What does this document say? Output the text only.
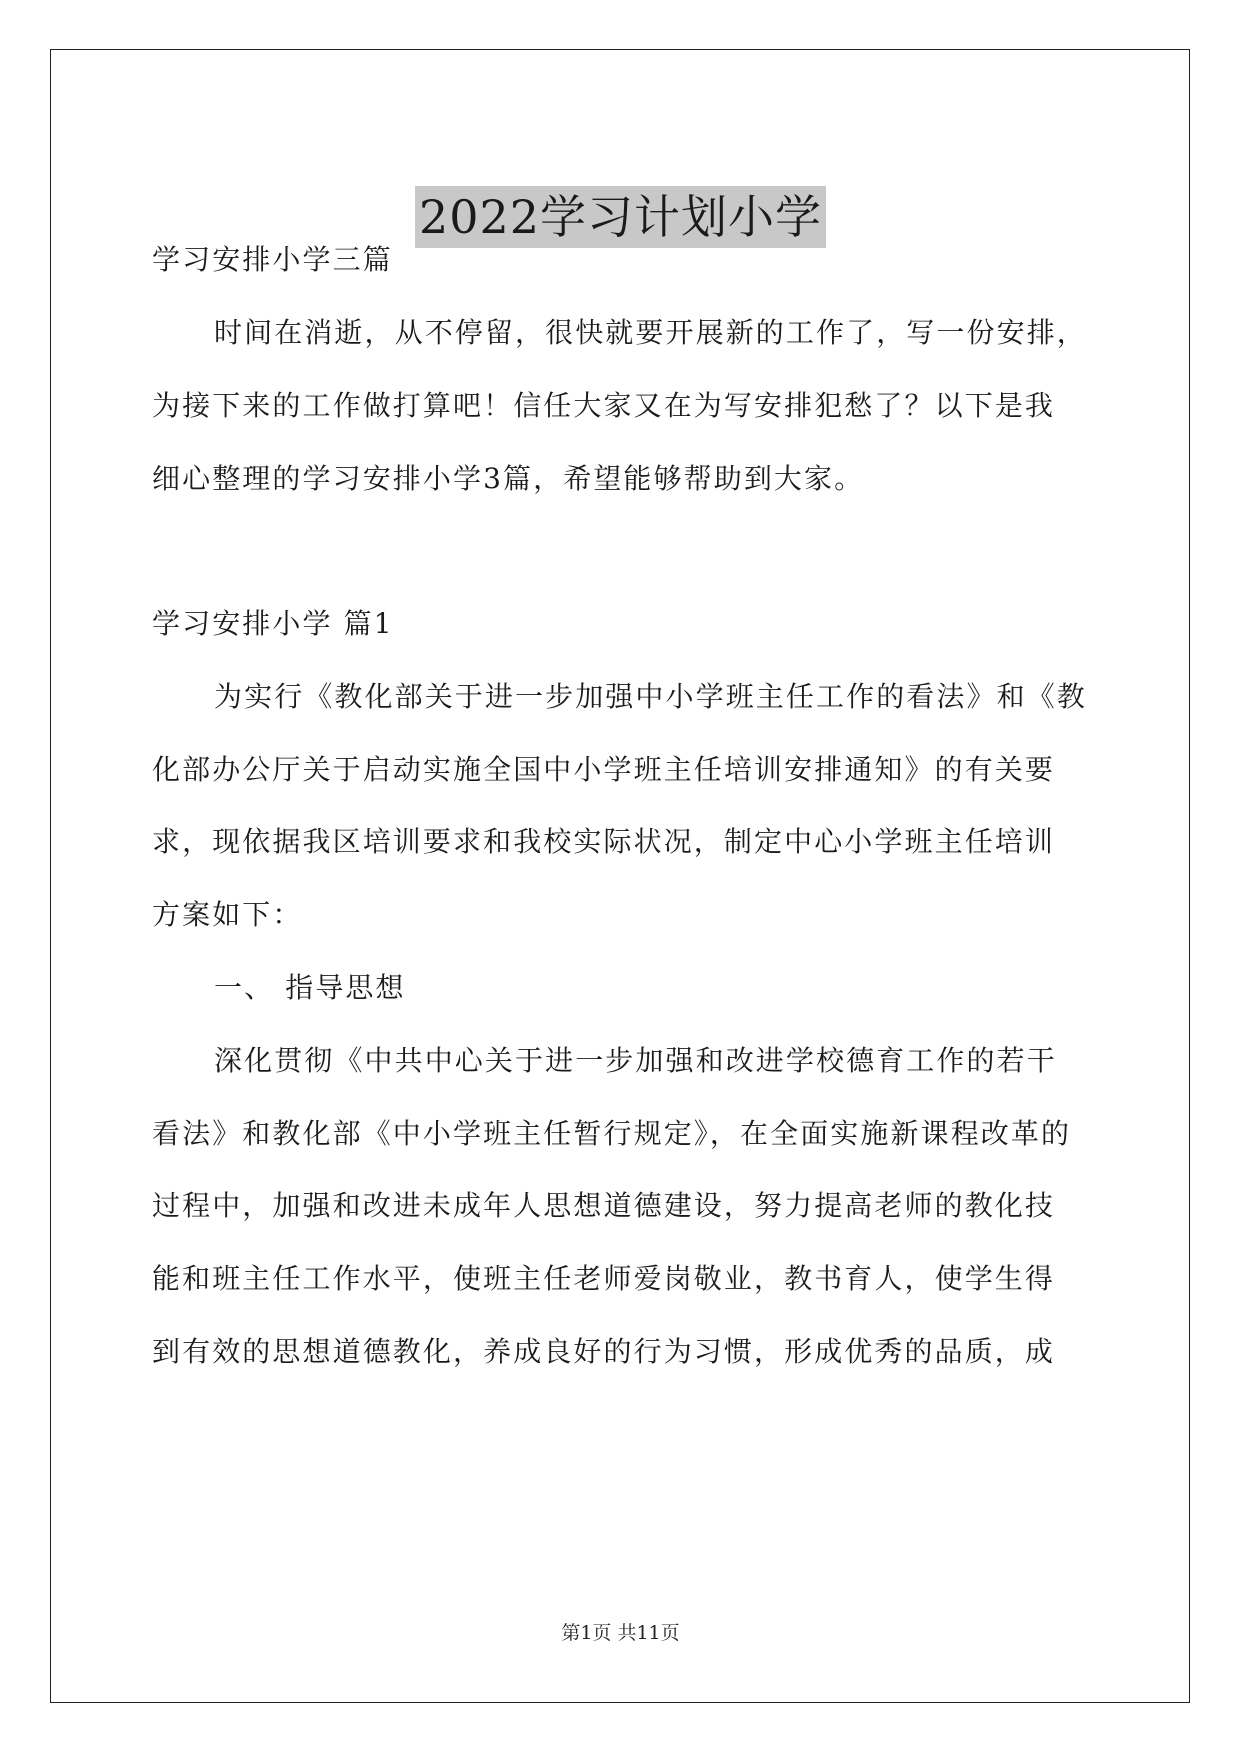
2022学习计划小学
学习安排小学三篇
时间在消逝，从不停留，很快就要开展新的工作了，写一份安排，
为接下来的工作做打算吧！信任大家又在为写安排犯愁了？以下是我
细心整理的学习安排小学3篇，希望能够帮助到大家。
学习安排小学 篇1
为实行《教化部关于进一步加强中小学班主任工作的看法》和《教
化部办公厅关于启动实施全国中小学班主任培训安排通知》的有关要
求，现依据我区培训要求和我校实际状况，制定中心小学班主任培训
方案如下：
一、 指导思想
深化贯彻《中共中心关于进一步加强和改进学校德育工作的若干
看法》和教化部《中小学班主任暂行规定》，在全面实施新课程改革的
过程中，加强和改进未成年人思想道德建设，努力提高老师的教化技
能和班主任工作水平，使班主任老师爱岗敬业，教书育人，使学生得
到有效的思想道德教化，养成良好的行为习惯，形成优秀的品质，成
第1页 共11页
